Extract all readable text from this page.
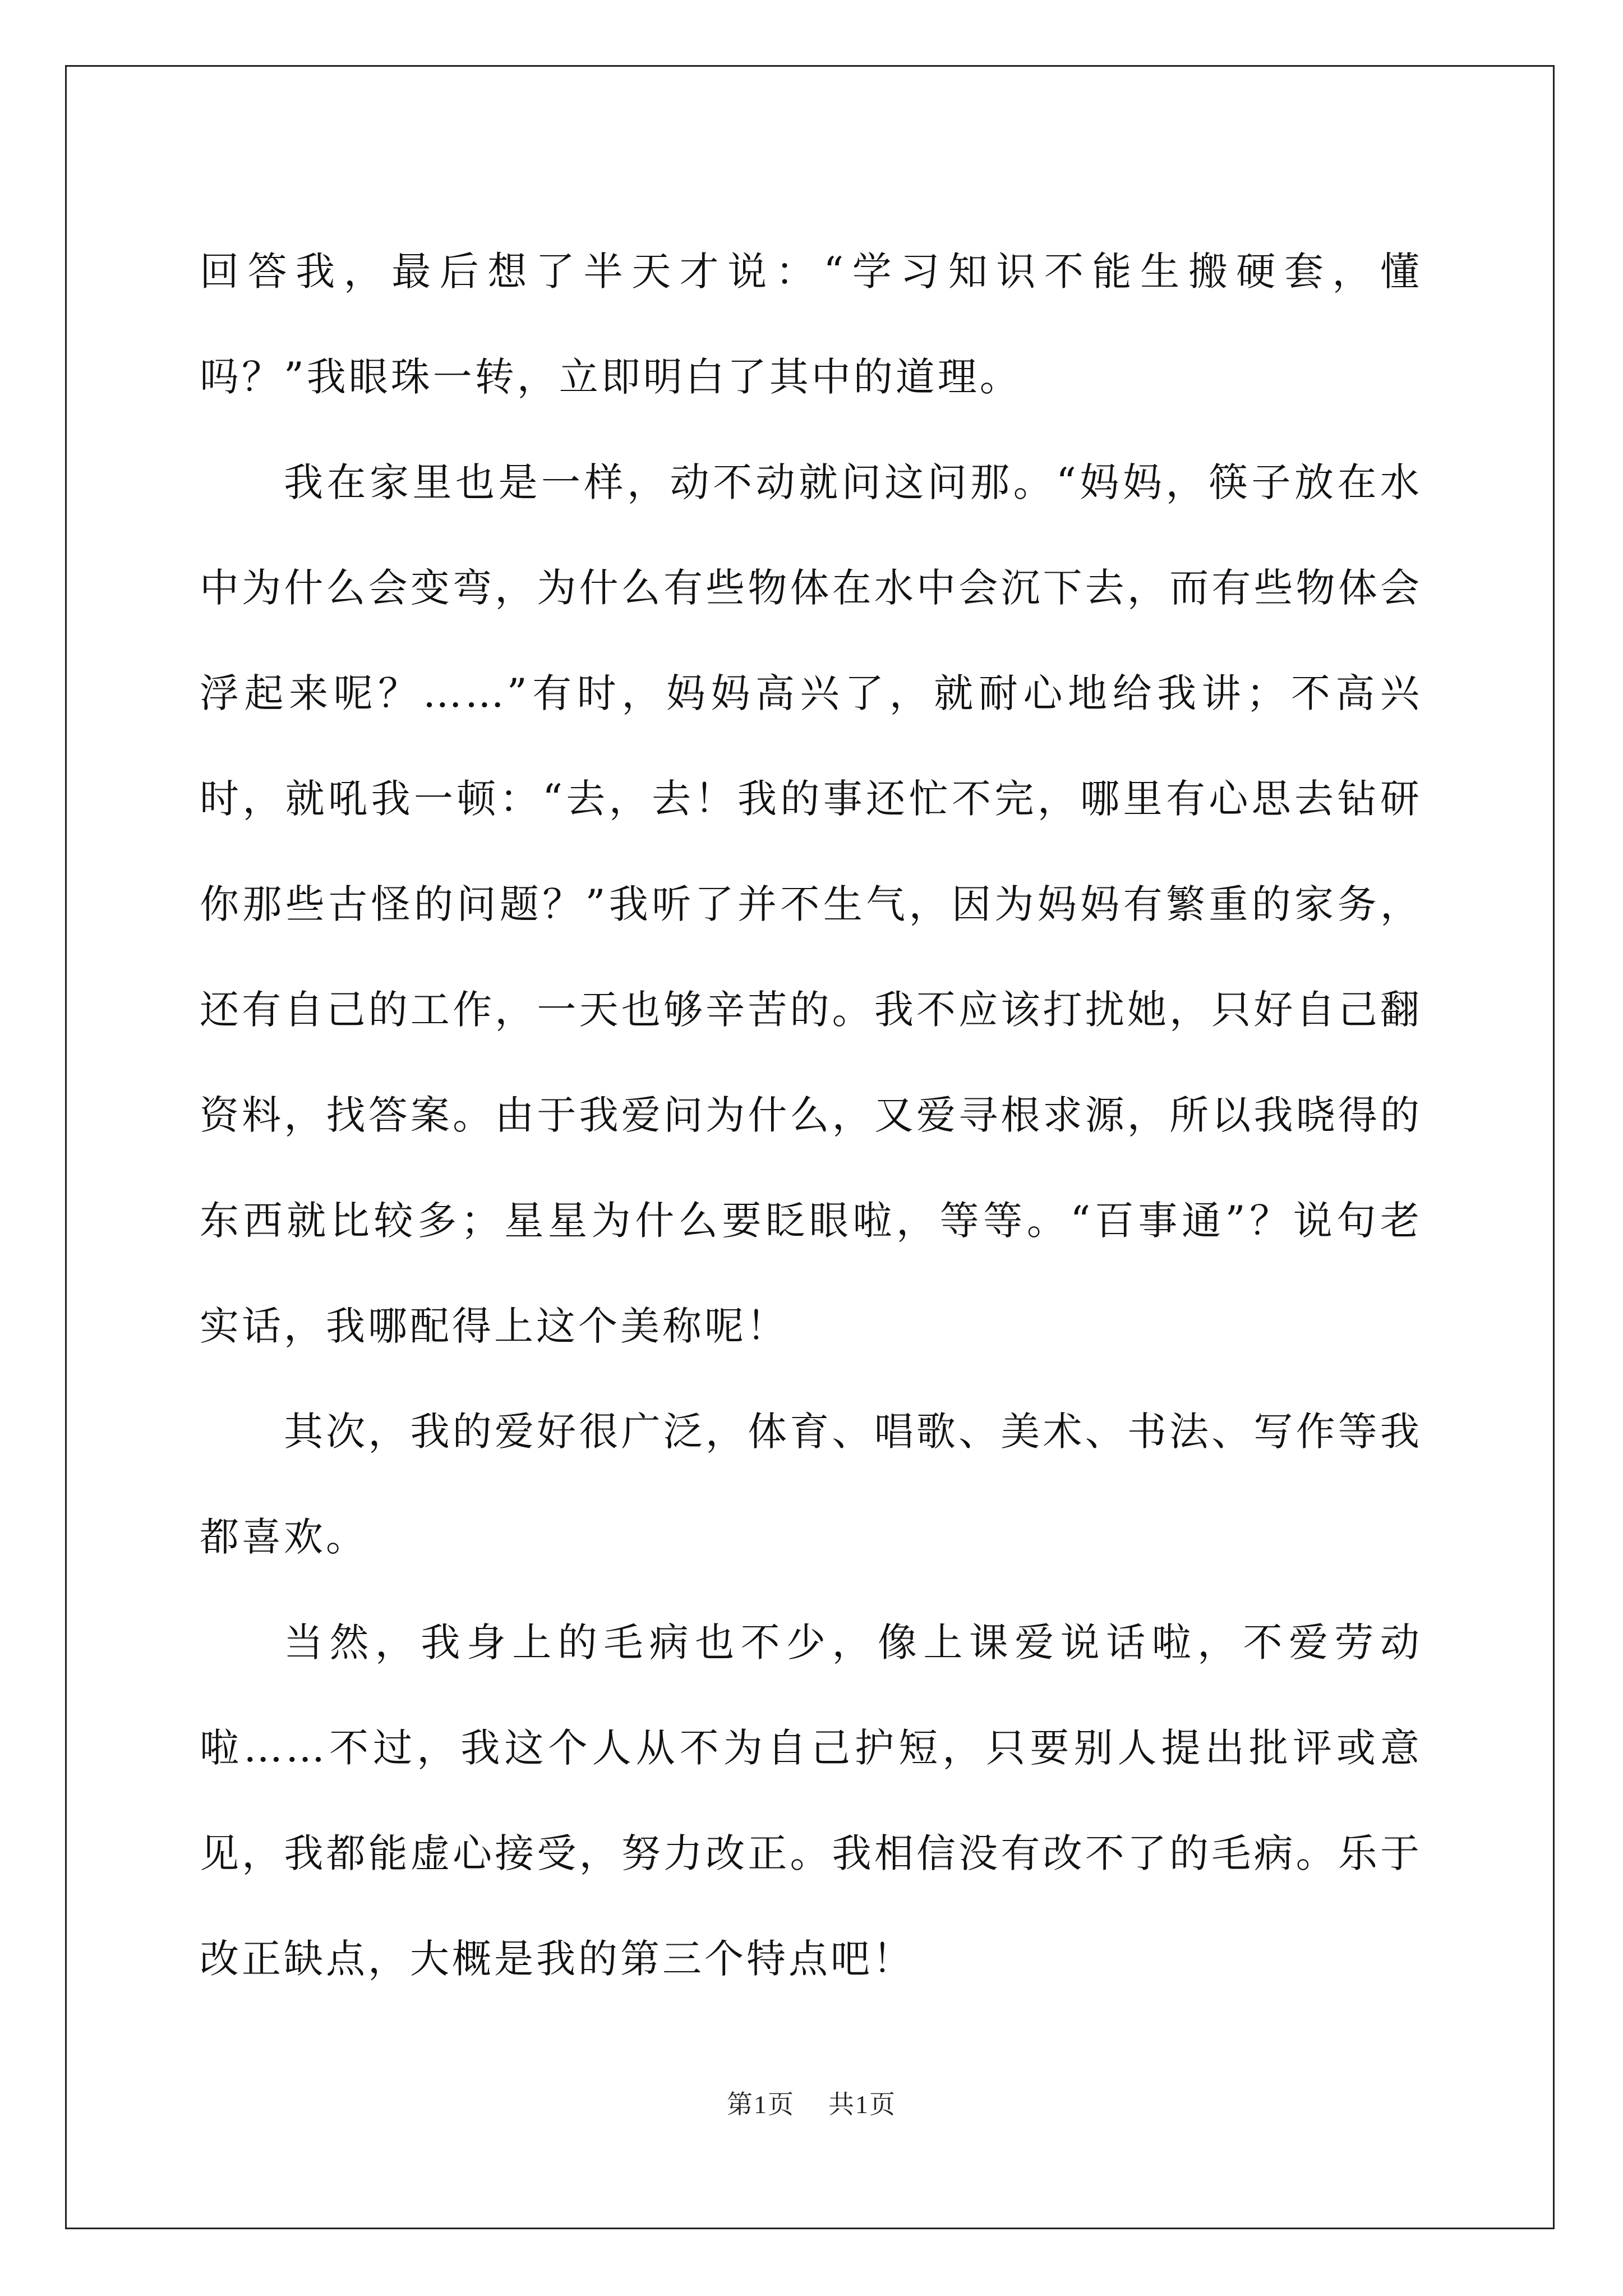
回答我，最后想了半天才说：“学习知识不能生搬硬套，懂吗？”我眼珠一转，立即明白了其中的道理。

我在家里也是一样，动不动就问这问那。“妈妈，筷子放在水中为什么会变弯，为什么有些物体在水中会沉下去，而有些物体会浮起来呢？……”有时，妈妈高兴了，就耐心地给我讲；不高兴时，就吼我一顿：“去，去！我的事还忙不完，哪里有心思去钻研你那些古怪的问题？”我听了并不生气，因为妈妈有繁重的家务，还有自己的工作，一天也够辛苦的。我不应该打扰她，只好自己翻资料，找答案。由于我爱问为什么，又爱寻根求源，所以我晓得的东西就比较多；星星为什么要眨眼啦，等等。“百事通”？说句老实话，我哪配得上这个美称呢！

其次，我的爱好很广泛，体育、唱歌、美术、书法、写作等我都喜欢。

当然，我身上的毛病也不少，像上课爱说话啦，不爱劳动啦……不过，我这个人从不为自己护短，只要别人提出批评或意见，我都能虚心接受，努力改正。我相信没有改不了的毛病。乐于改正缺点，大概是我的第三个特点吧！

第1页 共1页
